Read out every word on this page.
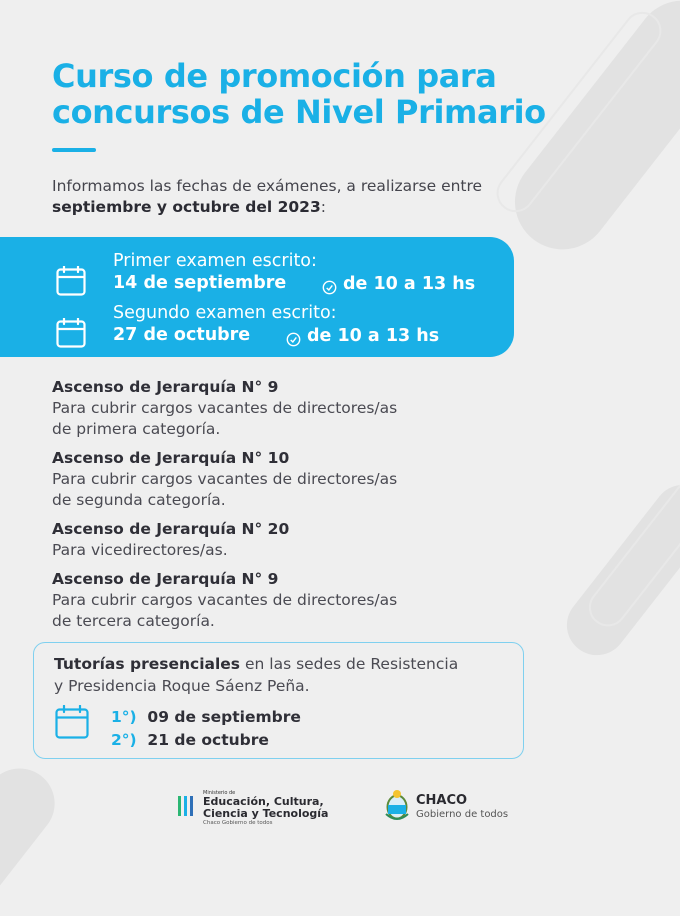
Curso de promoción para
concursos de Nivel Primario
Informamos las fechas de exámenes, a realizarse entre septiembre y octubre del 2023:
Primer examen escrito:
14 de septiembre	de 10 a 13 hs
Segundo examen escrito:
27 de octubre	de 10 a 13 hs
Ascenso de Jerarquía N° 9
Para cubrir cargos vacantes de directores/as
de primera categoría.
Ascenso de Jerarquía N° 10
Para cubrir cargos vacantes de directores/as
de segunda categoría.
Ascenso de Jerarquía N° 20
Para vicedirectores/as.
Ascenso de Jerarquía N° 9
Para cubrir cargos vacantes de directores/as
de tercera categoría.
Tutorías presenciales en las sedes de Resistencia
y Presidencia Roque Sáenz Peña.
1°) 09 de septiembre
2°) 21 de octubre
Ministerio de
Educación, Cultura,
Ciencia y Tecnología
Chaco Gobierno de todos
CHACO
Gobierno de todos
